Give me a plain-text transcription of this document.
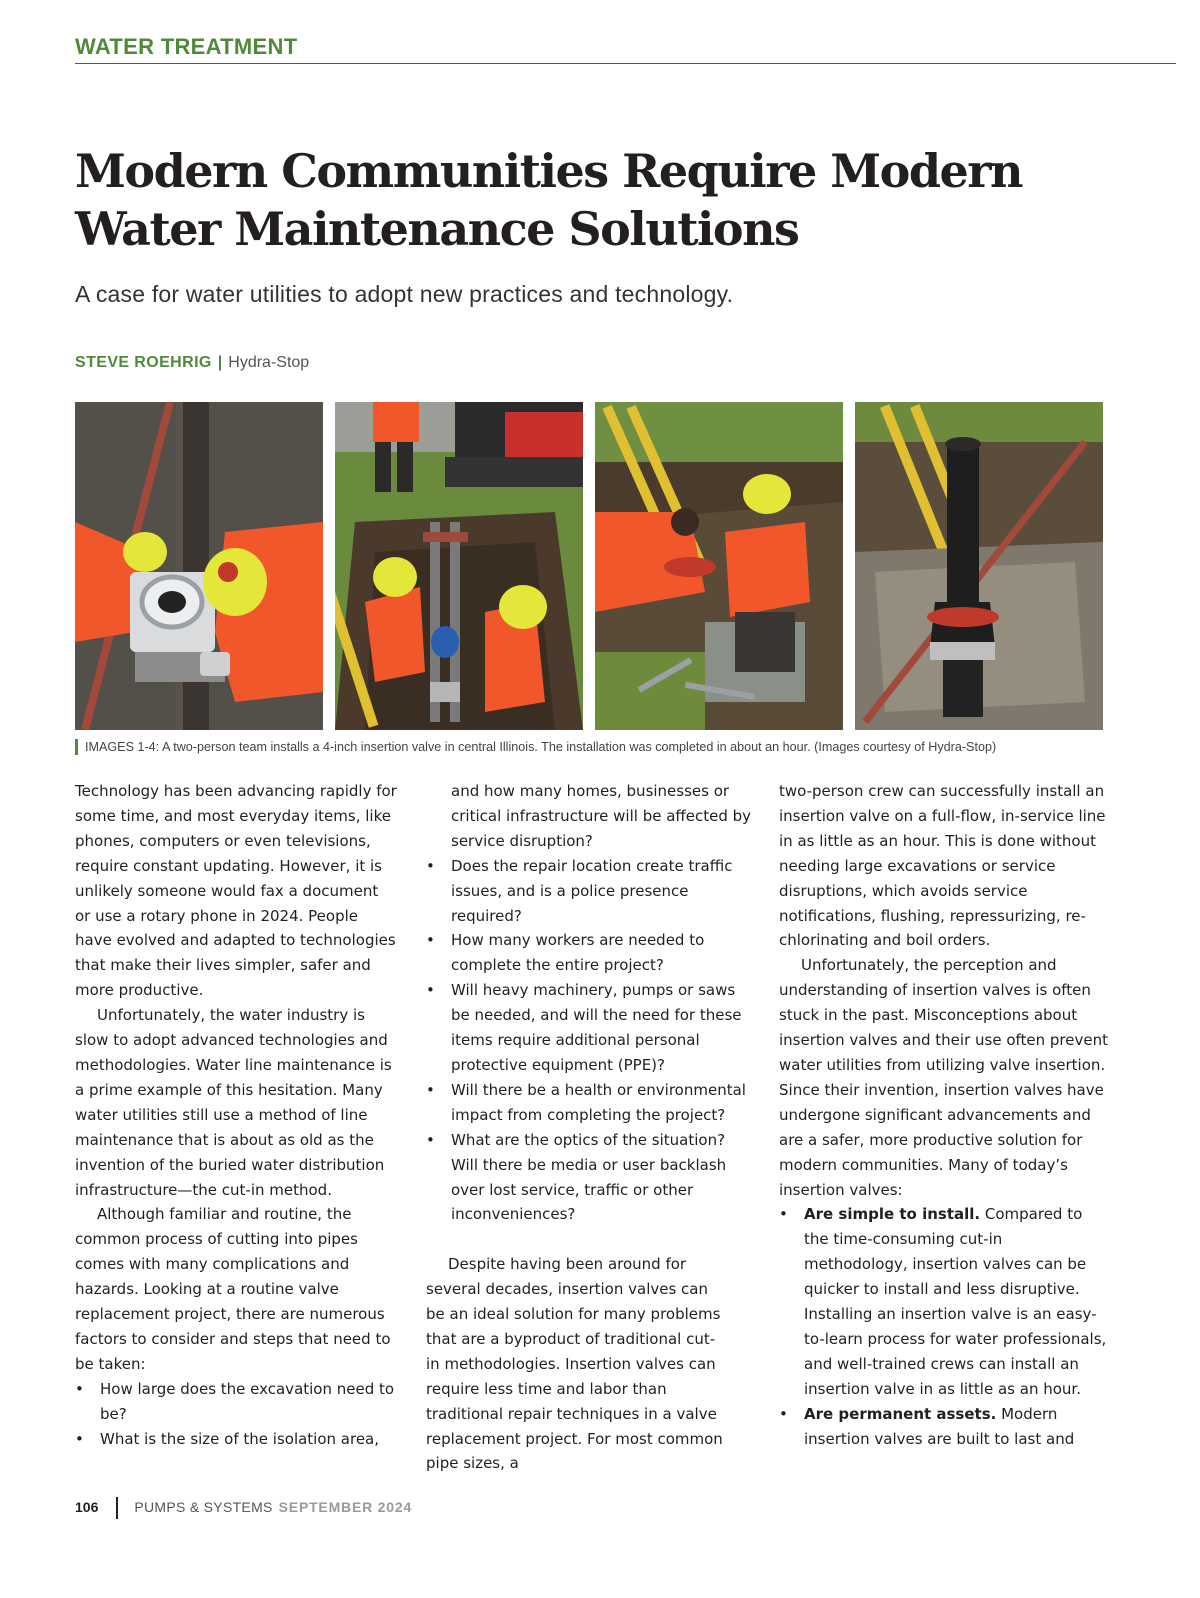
WATER TREATMENT
Modern Communities Require Modern
Water Maintenance Solutions

A case for water utilities to adopt new practices and technology.

STEVE ROEHRIG | Hydra-Stop
IMAGES 1-4: A two-person team installs a 4-inch insertion valve in central Illinois. The installation was completed in about an hour. (Images courtesy of Hydra-Stop)

Technology has been advancing rapidly for some time, and most everyday items, like phones, computers or even televisions, require constant updating. However, it is unlikely someone would fax a document or use a rotary phone in 2024. People have evolved and adapted to technologies that make their lives simpler, safer and more productive.

Unfortunately, the water industry is slow to adopt advanced technologies and methodologies. Water line maintenance is a prime example of this hesitation. Many water utilities still use a method of line maintenance that is about as old as the invention of the buried water distribution infrastructure—the cut-in method.

Although familiar and routine, the common process of cutting into pipes comes with many complications and hazards. Looking at a routine valve replacement project, there are numerous factors to consider and steps that need to be taken:

• How large does the excavation need to be?
• What is the size of the isolation area,
and how many homes, businesses or critical infrastructure will be affected by service disruption?
• Does the repair location create traffic issues, and is a police presence required?
• How many workers are needed to complete the entire project?
• Will heavy machinery, pumps or saws be needed, and will the need for these items require additional personal protective equipment (PPE)?
• Will there be a health or environmental impact from completing the project?
• What are the optics of the situation? Will there be media or user backlash over lost service, traffic or other inconveniences?

Despite having been around for several decades, insertion valves can be an ideal solution for many problems that are a byproduct of traditional cut-in methodologies. Insertion valves can require less time and labor than traditional repair techniques in a valve replacement project. For most common pipe sizes, a

two-person crew can successfully install an insertion valve on a full-flow, in-service line in as little as an hour. This is done without needing large excavations or service disruptions, which avoids service notifications, flushing, repressurizing, re-chlorinating and boil orders.

Unfortunately, the perception and understanding of insertion valves is often stuck in the past. Misconceptions about insertion valves and their use often prevent water utilities from utilizing valve insertion. Since their invention, insertion valves have undergone significant advancements and are a safer, more productive solution for modern communities. Many of today’s insertion valves:

• Are simple to install. Compared to the time-consuming cut-in methodology, insertion valves can be quicker to install and less disruptive. Installing an insertion valve is an easy-to-learn process for water professionals, and well-trained crews can install an insertion valve in as little as an hour.
• Are permanent assets. Modern insertion valves are built to last and
106	PUMPS & SYSTEMS SEPTEMBER 2024
